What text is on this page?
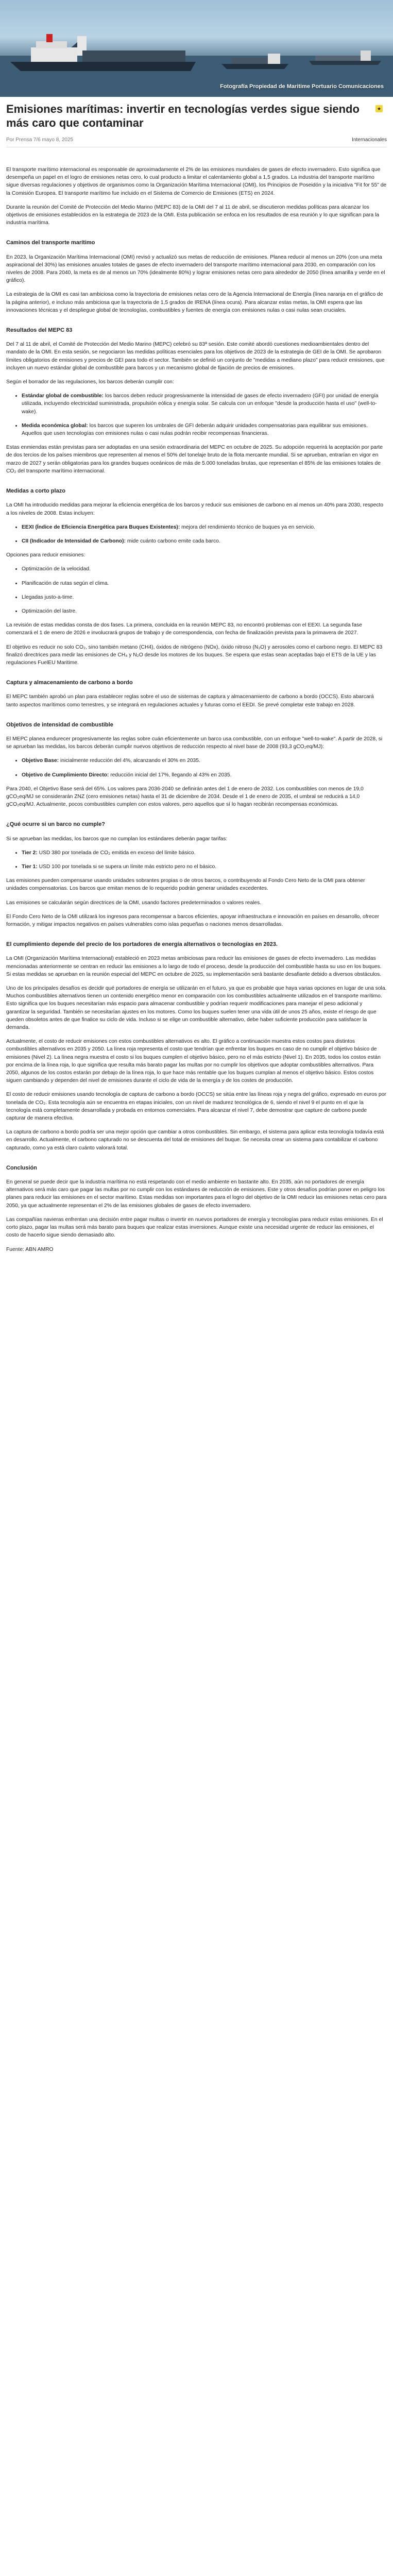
Fotografía Propiedad de Maritime Portuario Comunicaciones
Emisiones marítimas: invertir en tecnologías verdes sigue siendo más caro que contaminar
★
Por Prensa 7/6 mayo 8, 2025	Internacionales

El transporte marítimo internacional es responsable de aproximadamente el 2% de las emisiones mundiales de gases de efecto invernadero. Esto significa que desempeña un papel en el logro de emisiones netas cero, lo cual producto a limitar el calentamiento global a 1,5 grados. La industria del transporte marítimo sigue diversas regulaciones y objetivos de organismos como la Organización Marítima Internacional (OMI), los Principios de Poseidón y la iniciativa "Fit for 55" de la Comisión Europea. El transporte marítimo fue incluido en el Sistema de Comercio de Emisiones (ETS) en 2024.

Durante la reunión del Comité de Protección del Medio Marino (MEPC 83) de la OMI del 7 al 11 de abril, se discutieron medidas políticas para alcanzar los objetivos de emisiones establecidos en la estrategia de 2023 de la OMI. Esta publicación se enfoca en los resultados de esa reunión y lo que significan para la industria marítima.

Caminos del transporte marítimo

En 2023, la Organización Marítima Internacional (OMI) revisó y actualizó sus metas de reducción de emisiones. Planea reducir al menos un 20% (con una meta aspiracional del 30%) las emisiones anuales totales de gases de efecto invernadero del transporte marítimo internacional para 2030, en comparación con los niveles de 2008. Para 2040, la meta es de al menos un 70% (idealmente 80%) y lograr emisiones netas cero para alrededor de 2050 (línea amarilla y verde en el gráfico).

La estrategia de la OMI es casi tan ambiciosa como la trayectoria de emisiones netas cero de la Agencia Internacional de Energía (línea naranja en el gráfico de la página anterior), e incluso más ambiciosa que la trayectoria de 1,5 grados de IRENA (línea ocura). Para alcanzar estas metas, la OMI espera que las innovaciones técnicas y el despliegue global de tecnologías, combustibles y fuentes de energía con emisiones nulas o casi nulas sean cruciales.

Resultados del MEPC 83

Del 7 al 11 de abril, el Comité de Protección del Medio Marino (MEPC) celebró su 83ª sesión. Este comité abordó cuestiones medioambientales dentro del mandato de la OMI. En esta sesión, se negociaron las medidas políticas esenciales para los objetivos de 2023 de la estrategia de GEI de la OMI. Se aprobaron límites obligatorios de emisiones y precios de GEI para todo el sector. También se definió un conjunto de "medidas a mediano plazo" para reducir emisiones, que incluyen un nuevo estándar global de combustible para barcos y un mecanismo global de fijación de precios de emisiones.

Según el borrador de las regulaciones, los barcos deberán cumplir con:

• Estándar global de combustible: los barcos deben reducir progresivamente la intensidad de gases de efecto invernadero (GFI) por unidad de energía utilizada, incluyendo electricidad suministrada, propulsión eólica y energía solar. Se calcula con un enfoque "desde la producción hasta el uso" (well-to-wake).
• Medida económica global: los barcos que superen los umbrales de GFI deberán adquirir unidades compensatorias para equilibrar sus emisiones. Aquellos que usen tecnologías con emisiones nulas o casi nulas podrán recibir recompensas financieras.

Estas enmiendas están previstas para ser adoptadas en una sesión extraordinaria del MEPC en octubre de 2025. Su adopción requerirá la aceptación por parte de dos tercios de los países miembros que representen al menos el 50% del tonelaje bruto de la flota mercante mundial. Si se aprueban, entrarían en vigor en marzo de 2027 y serán obligatorias para los grandes buques oceánicos de más de 5.000 toneladas brutas, que representan el 85% de las emisiones totales de CO₂ del transporte marítimo internacional.

Medidas a corto plazo

La OMI ha introducido medidas para mejorar la eficiencia energética de los barcos y reducir sus emisiones de carbono en al menos un 40% para 2030, respecto a los niveles de 2008. Estas incluyen:

• EEXI (Índice de Eficiencia Energética para Buques Existentes): mejora del rendimiento técnico de buques ya en servicio.
• CII (Indicador de Intensidad de Carbono): mide cuánto carbono emite cada barco.

Opciones para reducir emisiones:

• Optimización de la velocidad.
• Planificación de rutas según el clima.
• Llegadas justo-a-time.
• Optimización del lastre.

La revisión de estas medidas consta de dos fases. La primera, concluida en la reunión MEPC 83, no encontró problemas con el EEXI. La segunda fase comenzará el 1 de enero de 2026 e involucrará grupos de trabajo y de correspondencia, con fecha de finalización prevista para la primavera de 2027.

El objetivo es reducir no solo CO₂, sino también metano (CH4), óxidos de nitrógeno (NOx), óxido nitroso (N₂O) y aerosoles como el carbono negro. El MEPC 83 finalizó directrices para medir las emisiones de CH₄ y N₂O desde los motores de los buques. Se espera que estas sean aceptadas bajo el ETS de la UE y las regulaciones FuelEU Maritime.

Captura y almacenamiento de carbono a bordo

El MEPC también aprobó un plan para establecer reglas sobre el uso de sistemas de captura y almacenamiento de carbono a bordo (OCCS). Esto abarcará tanto aspectos marítimos como terrestres, y se integrará en regulaciones actuales y futuras como el EEDI. Se prevé completar este trabajo en 2028.

Objetivos de intensidad de combustible

El MEPC planea endurecer progresivamente las reglas sobre cuán eficientemente un barco usa combustible, con un enfoque "well-to-wake". A partir de 2028, si se aprueban las medidas, los barcos deberán cumplir nuevos objetivos de reducción respecto al nivel base de 2008 (93,3 gCO₂eq/MJ):

• Objetivo Base: inicialmente reducción del 4%, alcanzando el 30% en 2035.
• Objetivo de Cumplimiento Directo: reducción inicial del 17%, llegando al 43% en 2035.

Para 2040, el Objetivo Base será del 65%. Los valores para 2036-2040 se definirán antes del 1 de enero de 2032. Los combustibles con menos de 19,0 gCO₂eq/MJ se considerarán ZNZ (cero emisiones netas) hasta el 31 de diciembre de 2034. Desde el 1 de enero de 2035, el umbral se reducirá a 14,0 gCO₂eq/MJ. Actualmente, pocos combustibles cumplen con estos valores, pero aquellos que sí lo hagan recibirán recompensas económicas.

¿Qué ocurre si un barco no cumple?

Si se aprueban las medidas, los barcos que no cumplan los estándares deberán pagar tarifas:

• Tier 2: USD 380 por tonelada de CO₂ emitida en exceso del límite básico.
• Tier 1: USD 100 por tonelada si se supera un límite más estricto pero no el básico.

Las emisiones pueden compensarse usando unidades sobrantes propias o de otros barcos, o contribuyendo al Fondo Cero Neto de la OMI para obtener unidades compensatorias. Los barcos que emitan menos de lo requerido podrán generar unidades excedentes.

Las emisiones se calcularán según directrices de la OMI, usando factores predeterminados o valores reales.

El Fondo Cero Neto de la OMI utilizará los ingresos para recompensar a barcos eficientes, apoyar infraestructura e innovación en países en desarrollo, ofrecer formación, y mitigar impactos negativos en países vulnerables como islas pequeñas o naciones menos desarrolladas.

El cumplimiento depende del precio de los portadores de energía alternativos o tecnologías en 2023.

La OMI (Organización Marítima Internacional) estableció en 2023 metas ambiciosas para reducir las emisiones de gases de efecto invernadero. Las medidas mencionadas anteriormente se centran en reducir las emisiones a lo largo de todo el proceso, desde la producción del combustible hasta su uso en los buques. Si estas medidas se aprueban en la reunión especial del MEPC en octubre de 2025, su implementación será bastante desafiante debido a diversos obstáculos.

Uno de los principales desafíos es decidir qué portadores de energía se utilizarán en el futuro, ya que es probable que haya varias opciones en lugar de una sola. Muchos combustibles alternativos tienen un contenido energético menor en comparación con los combustibles actualmente utilizados en el transporte marítimo. Esto significa que los buques necesitarían más espacio para almacenar combustible y podrían requerir modificaciones para manejar el peso adicional y garantizar la seguridad. También se necesitarían ajustes en los motores. Como los buques suelen tener una vida útil de unos 25 años, existe el riesgo de que queden obsoletos antes de que finalice su ciclo de vida. Incluso si se elige un combustible alternativo, debe haber suficiente producción para satisfacer la demanda.

Actualmente, el costo de reducir emisiones con estos combustibles alternativos es alto. El gráfico a continuación muestra estos costos para distintos combustibles alternativos en 2035 y 2050. La línea roja representa el costo que tendrían que enfrentar los buques en caso de no cumplir el objetivo básico de emisiones (Nivel 2). La línea negra muestra el costo si los buques cumplen el objetivo básico, pero no el más estricto (Nivel 1). En 2035, todos los costos están por encima de la línea roja, lo que significa que resulta más barato pagar las multas por no cumplir los objetivos que adoptar combustibles alternativos. Para 2050, algunos de los costos estarán por debajo de la línea roja, lo que hace más rentable que los buques cumplan al menos el objetivo básico. Estos costos siguen cambiando y dependen del nivel de emisiones durante el ciclo de vida de la energía y de los costes de producción.

El costo de reducir emisiones usando tecnología de captura de carbono a bordo (OCCS) se sitúa entre las líneas roja y negra del gráfico, expresado en euros por tonelada de CO₂. Esta tecnología aún se encuentra en etapas iniciales, con un nivel de madurez tecnológica de 6, siendo el nivel 9 el punto en el que la tecnología está completamente desarrollada y probada en entornos comerciales. Para alcanzar el nivel 7, debe demostrar que capture de carbono puede capturar de manera efectiva.

La captura de carbono a bordo podría ser una mejor opción que cambiar a otros combustibles. Sin embargo, el sistema para aplicar esta tecnología todavía está en desarrollo. Actualmente, el carbono capturado no se descuenta del total de emisiones del buque. Se necesita crear un sistema para contabilizar el carbono capturado, como ya está claro cuánto valorará total.

Conclusión

En general se puede decir que la industria marítima no está respetando con el medio ambiente en bastante alto. En 2035, aún no portadores de energía alternativos será más caro que pagar las multas por no cumplir con los estándares de reducción de emisiones. Este y otros desafíos podrían poner en peligro los planes para reducir las emisiones en el sector marítimo. Estas medidas son importantes para el logro del objetivo de la OMI reducir las emisiones netas cero para 2050, ya que actualmente representan el 2% de las emisiones globales de gases de efecto invernadero.

Las compañías navieras enfrentan una decisión entre pagar multas o invertir en nuevos portadores de energía y tecnologías para reducir estas emisiones. En el corto plazo, pagar las multas será más barato para buques que realizar estas inversiones. Aunque existe una necesidad urgente de reducir las emisiones, el costo de hacerlo sigue siendo demasiado alto.

Fuente: ABN AMRO
